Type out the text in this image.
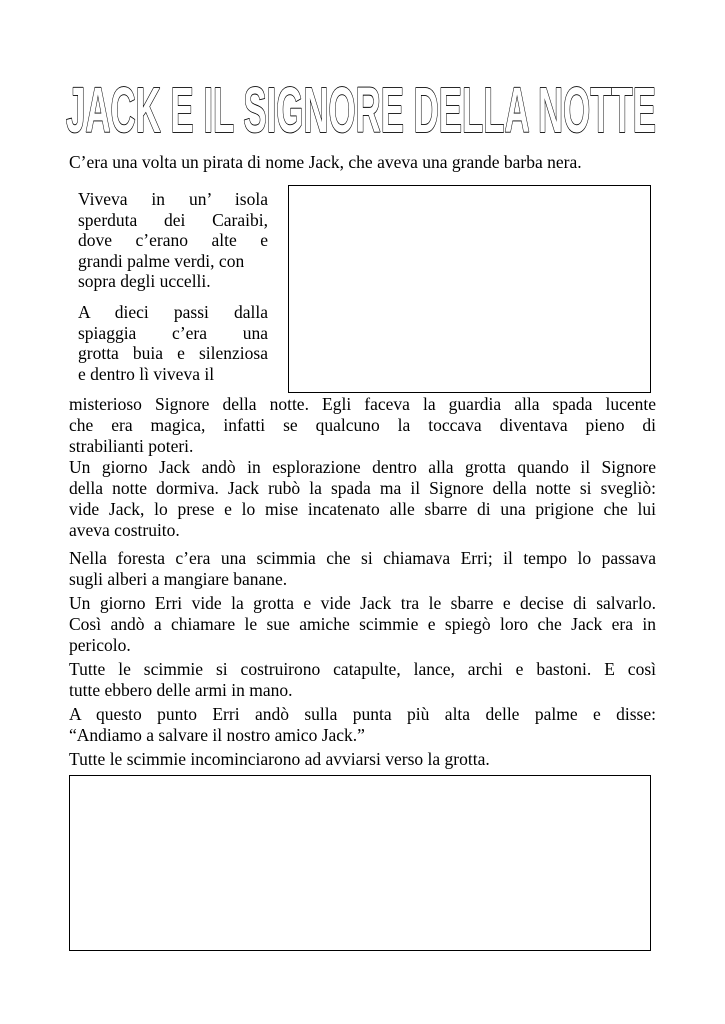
JACK E IL SIGNORE DELLA NOTTE
C’era una volta un pirata di nome Jack, che aveva una grande barba nera.
Viveva in un’ isola
sperduta dei Caraibi,
dove c’erano alte e
grandi palme verdi, con
sopra degli uccelli.
A dieci passi dalla
spiaggia c’era una
grotta buia e silenziosa
e dentro lì viveva il
misterioso Signore della notte. Egli faceva la guardia alla spada lucente
che era magica, infatti se qualcuno la toccava diventava pieno di
strabilianti poteri.
Un giorno Jack andò in esplorazione dentro alla grotta quando il Signore
della notte dormiva. Jack rubò la spada ma il Signore della notte si svegliò:
vide Jack, lo prese e lo mise incatenato alle sbarre di una prigione che lui
aveva costruito.
Nella foresta c’era una scimmia che si chiamava Erri; il tempo lo passava
sugli alberi a mangiare banane.
Un giorno Erri vide la grotta e vide Jack tra le sbarre e decise di salvarlo.
Così andò a chiamare le sue amiche scimmie e spiegò loro che Jack era in
pericolo.
Tutte le scimmie si costruirono catapulte, lance, archi e bastoni. E così
tutte ebbero delle armi in mano.
A questo punto Erri andò sulla punta più alta delle palme e disse:
“Andiamo a salvare il nostro amico Jack.”
Tutte le scimmie incominciarono ad avviarsi verso la grotta.
